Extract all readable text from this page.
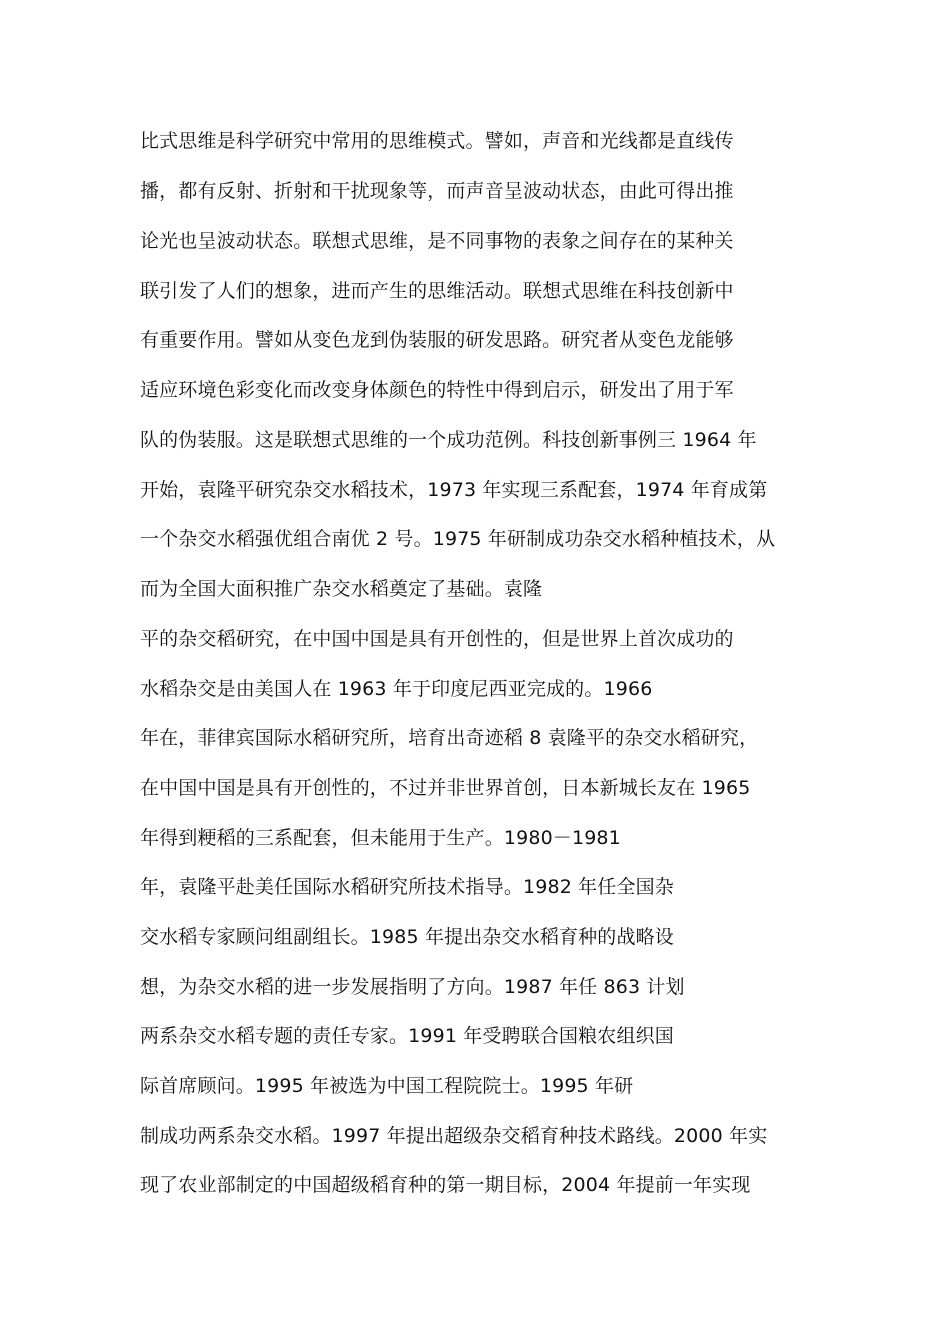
比式思维是科学研究中常用的思维模式。譬如，声音和光线都是直线传
播，都有反射、折射和干扰现象等，而声音呈波动状态，由此可得出推
论光也呈波动状态。联想式思维，是不同事物的表象之间存在的某种关
联引发了人们的想象，进而产生的思维活动。联想式思维在科技创新中
有重要作用。譬如从变色龙到伪装服的研发思路。研究者从变色龙能够
适应环境色彩变化而改变身体颜色的特性中得到启示，研发出了用于军
队的伪装服。这是联想式思维的一个成功范例。科技创新事例三 1964 年
开始，袁隆平研究杂交水稻技术，1973 年实现三系配套，1974 年育成第
一个杂交水稻强优组合南优 2 号。1975 年研制成功杂交水稻种植技术，从
而为全国大面积推广杂交水稻奠定了基础。袁隆
平的杂交稻研究，在中国中国是具有开创性的，但是世界上首次成功的
水稻杂交是由美国人在 1963 年于印度尼西亚完成的。1966
年在，菲律宾国际水稻研究所，培育出奇迹稻 8 袁隆平的杂交水稻研究，
在中国中国是具有开创性的，不过并非世界首创，日本新城长友在 1965
年得到粳稻的三系配套，但未能用于生产。1980－1981
年，袁隆平赴美任国际水稻研究所技术指导。1982 年任全国杂
交水稻专家顾问组副组长。1985 年提出杂交水稻育种的战略设
想，为杂交水稻的进一步发展指明了方向。1987 年任 863 计划
两系杂交水稻专题的责任专家。1991 年受聘联合国粮农组织国
际首席顾问。1995 年被选为中国工程院院士。1995 年研
制成功两系杂交水稻。1997 年提出超级杂交稻育种技术路线。2000 年实
现了农业部制定的中国超级稻育种的第一期目标，2004 年提前一年实现
